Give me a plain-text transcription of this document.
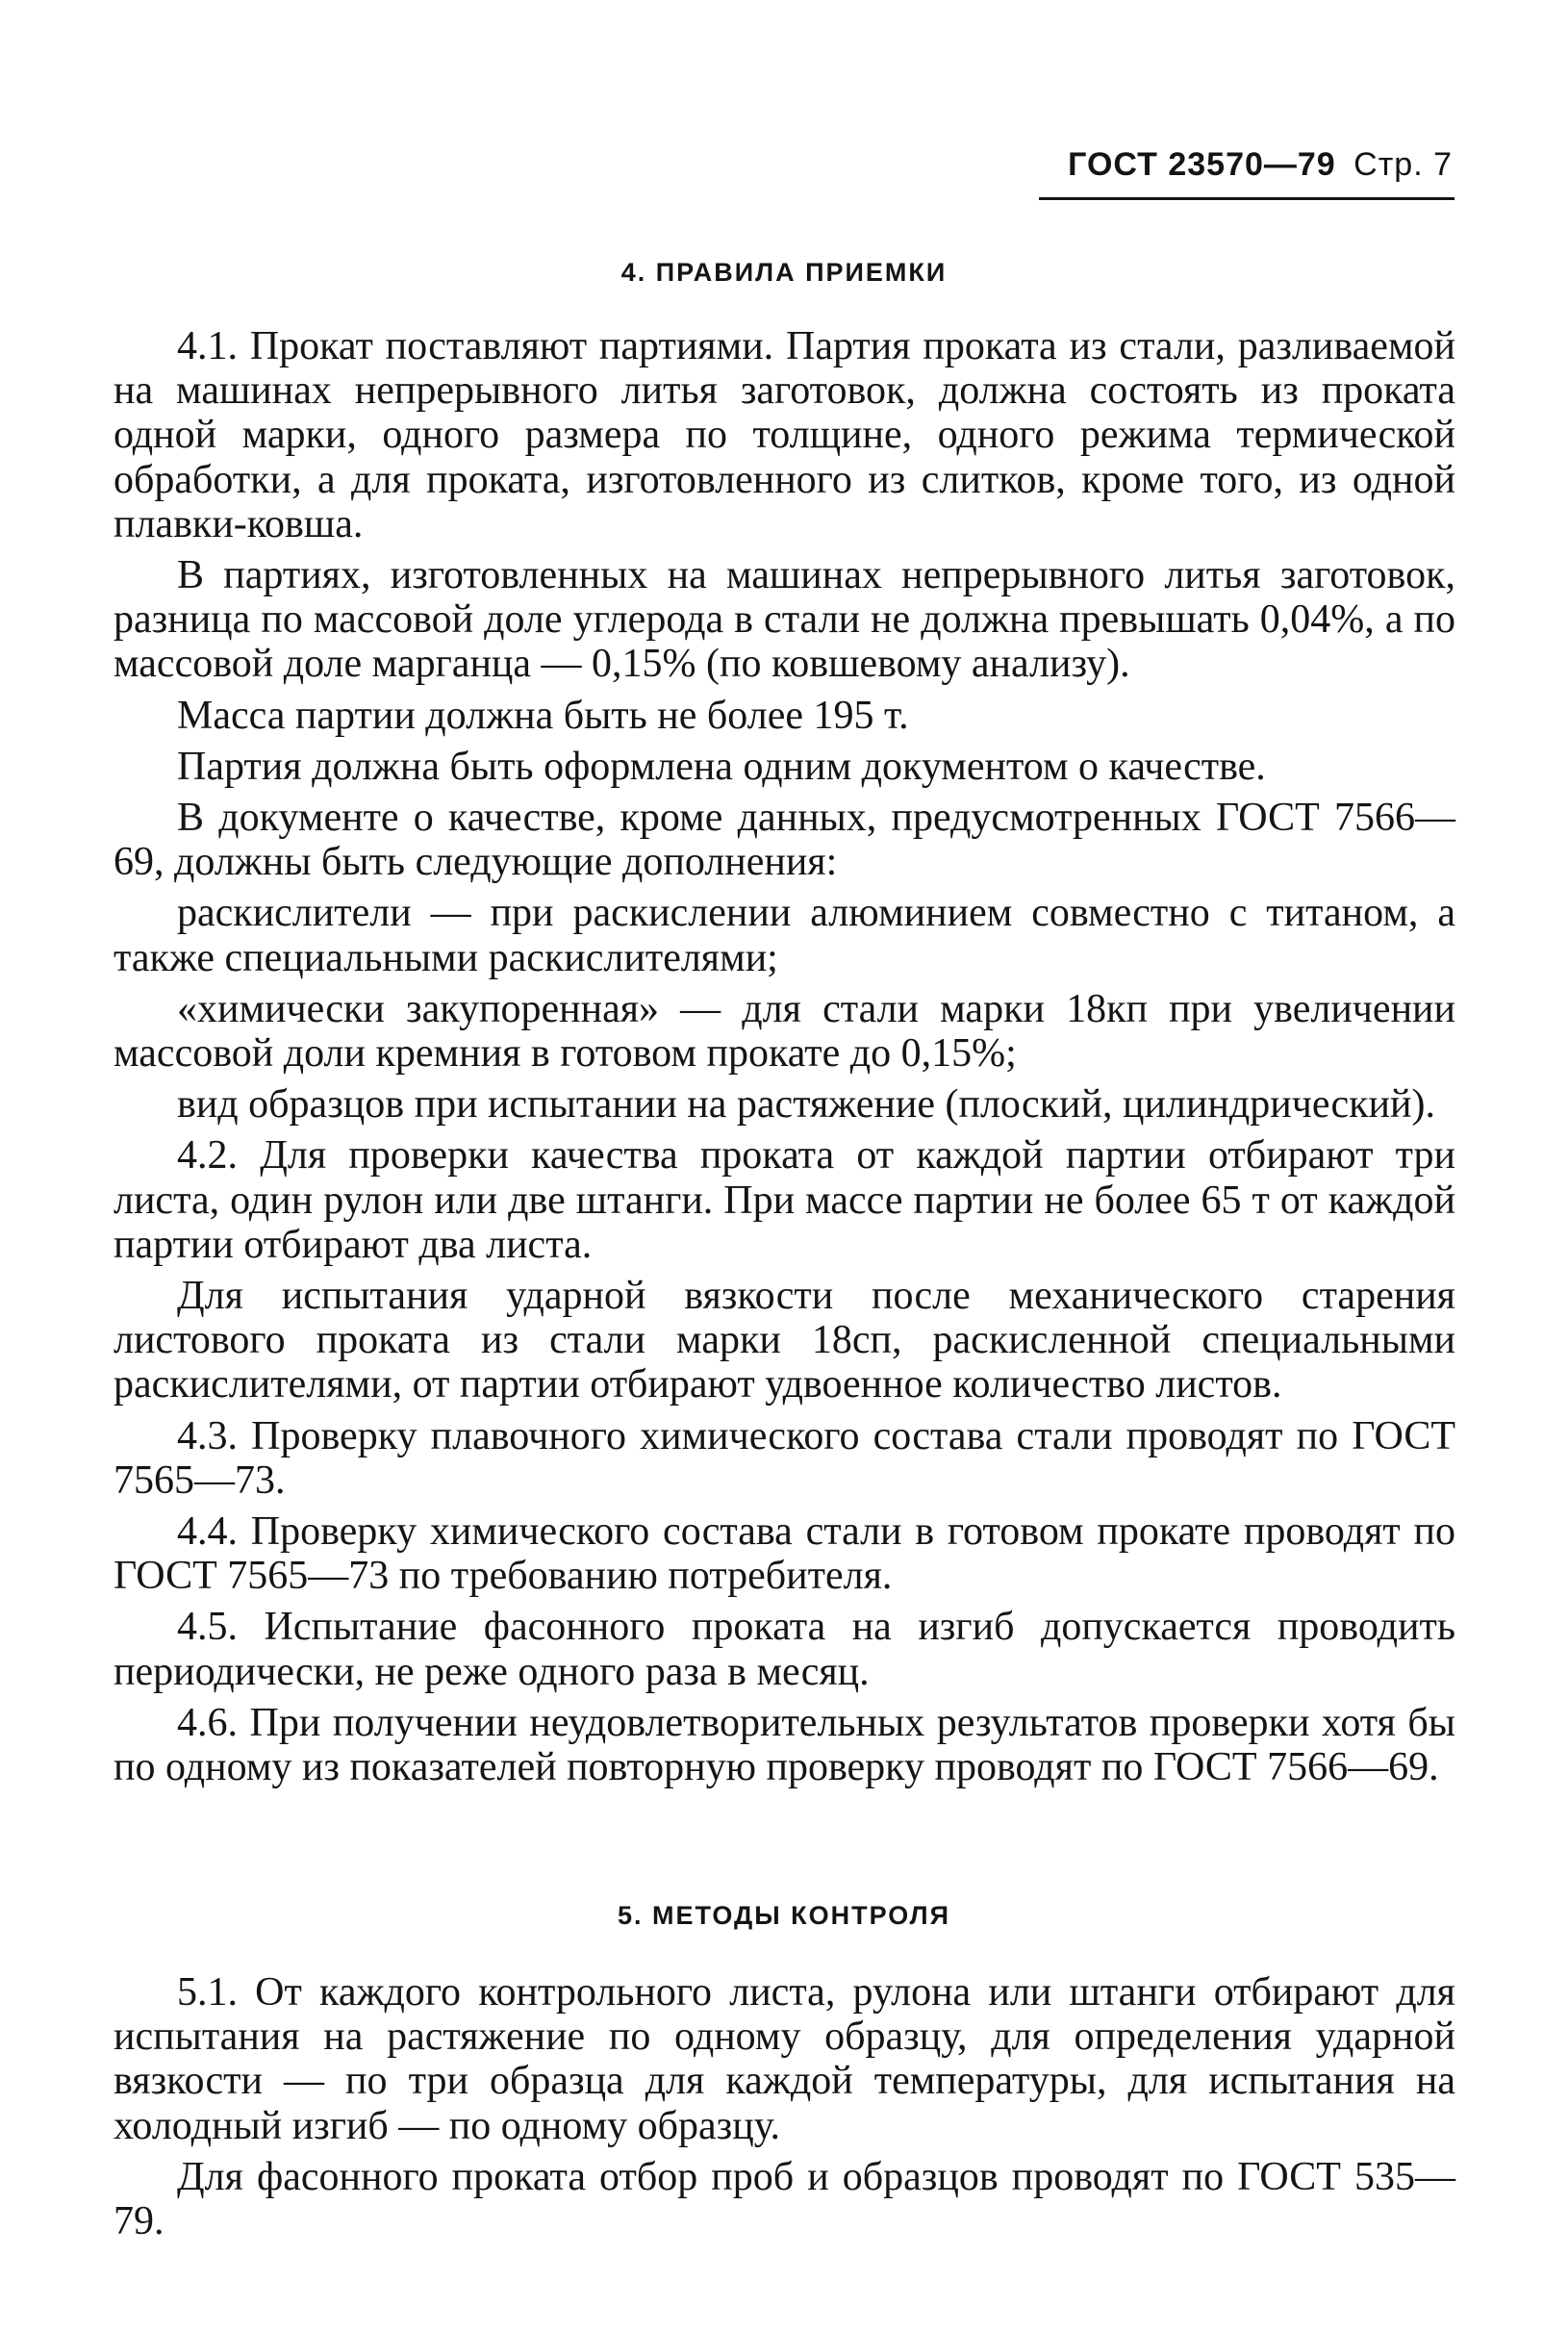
ГОСТ 23570—79 Стр. 7
4. ПРАВИЛА ПРИЕМКИ

4.1. Прокат поставляют партиями. Партия проката из стали, разливаемой на машинах непрерывного литья заготовок, должна состоять из проката одной марки, одного размера по толщине, одного режима термической обработки, а для проката, изготовленного из слитков, кроме того, из одной плавки-ковша.

В партиях, изготовленных на машинах непрерывного литья заготовок, разница по массовой доле углерода в стали не должна превышать 0,04%, а по массовой доле марганца — 0,15% (по ковшевому анализу).

Масса партии должна быть не более 195 т.

Партия должна быть оформлена одним документом о качестве.

В документе о качестве, кроме данных, предусмотренных ГОСТ 7566—69, должны быть следующие дополнения:

раскислители — при раскислении алюминием совместно с титаном, а также специальными раскислителями;

«химически закупоренная» — для стали марки 18кп при увеличении массовой доли кремния в готовом прокате до 0,15%;

вид образцов при испытании на растяжение (плоский, цилиндрический).

4.2. Для проверки качества проката от каждой партии отбирают три листа, один рулон или две штанги. При массе партии не более 65 т от каждой партии отбирают два листа.

Для испытания ударной вязкости после механического старения листового проката из стали марки 18сп, раскисленной специальными раскислителями, от партии отбирают удвоенное количество листов.

4.3. Проверку плавочного химического состава стали проводят по ГОСТ 7565—73.

4.4. Проверку химического состава стали в готовом прокате проводят по ГОСТ 7565—73 по требованию потребителя.

4.5. Испытание фасонного проката на изгиб допускается проводить периодически, не реже одного раза в месяц.

4.6. При получении неудовлетворительных результатов проверки хотя бы по одному из показателей повторную проверку проводят по ГОСТ 7566—69.

5. МЕТОДЫ КОНТРОЛЯ

5.1. От каждого контрольного листа, рулона или штанги отбирают для испытания на растяжение по одному образцу, для определения ударной вязкости — по три образца для каждой температуры, для испытания на холодный изгиб — по одному образцу.

Для фасонного проката отбор проб и образцов проводят по ГОСТ 535—79.
